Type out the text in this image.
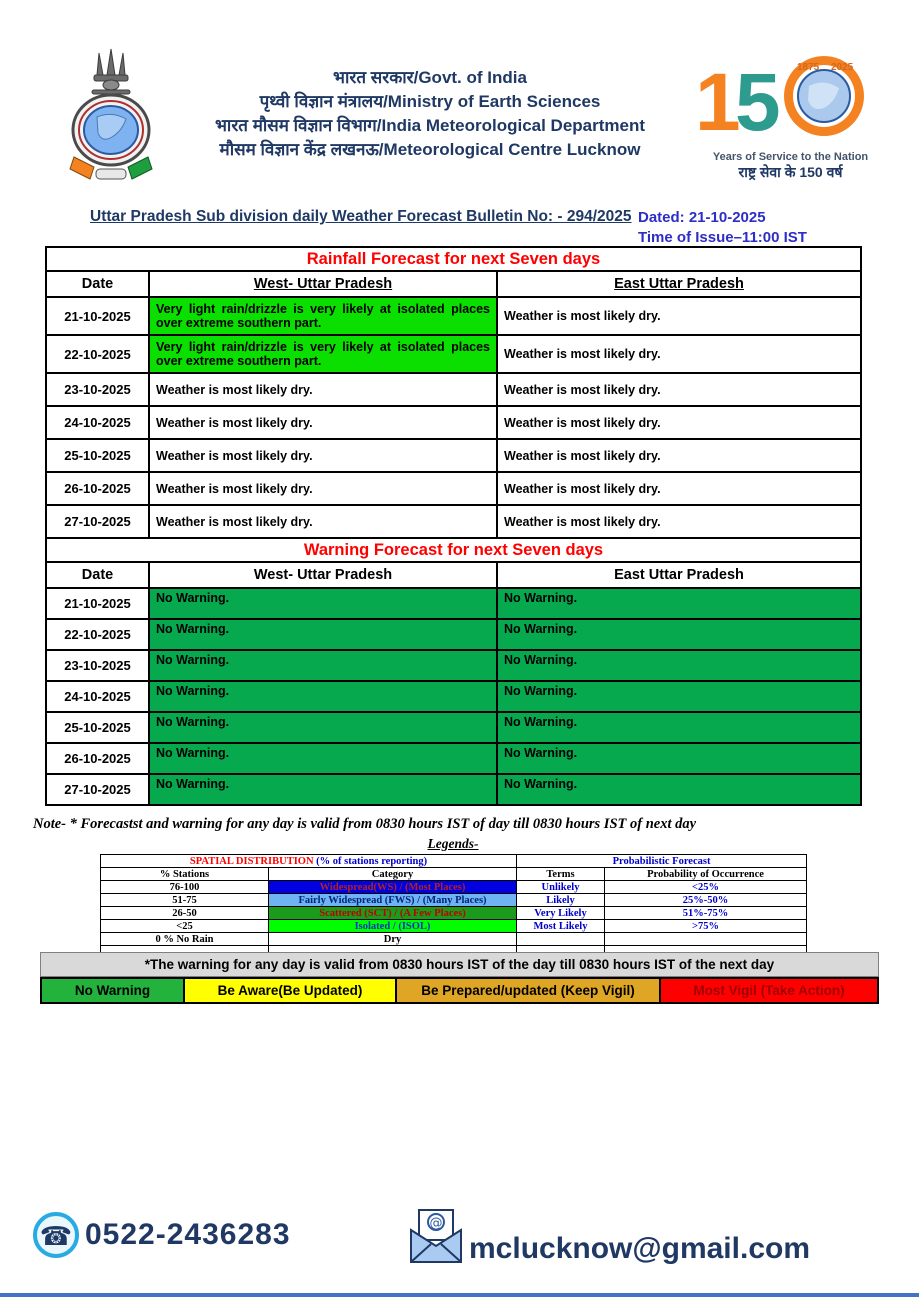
भारत सरकार/Govt. of India
पृथ्वी विज्ञान मंत्रालय/Ministry of Earth Sciences
भारत मौसम विज्ञान विभाग/India Meteorological Department
मौसम विज्ञान केंद्र लखनऊ/Meteorological Centre Lucknow
1
5 1875 2025
Years of Service to the Nation
राष्ट्र सेवा के 150 वर्ष
Uttar Pradesh Sub division daily Weather Forecast Bulletin No: - 294/2025 Dated: 21-10-2025
Time of Issue–11:00 IST
Rainfall Forecast for next Seven days		
Date	West- Uttar Pradesh	East Uttar Pradesh
21-10-2025	Very light rain/drizzle is very likely at isolated places over extreme southern part.	Weather is most likely dry.
22-10-2025	Very light rain/drizzle is very likely at isolated places over extreme southern part.	Weather is most likely dry.
23-10-2025	Weather is most likely dry.	Weather is most likely dry.
24-10-2025	Weather is most likely dry.	Weather is most likely dry.
25-10-2025	Weather is most likely dry.	Weather is most likely dry.
26-10-2025	Weather is most likely dry.	Weather is most likely dry.
27-10-2025	Weather is most likely dry.	Weather is most likely dry.
Warning Forecast for next Seven days		
Date	West- Uttar Pradesh	East Uttar Pradesh
21-10-2025	No Warning.	No Warning.
22-10-2025	No Warning.	No Warning.
23-10-2025	No Warning.	No Warning.
24-10-2025	No Warning.	No Warning.
25-10-2025	No Warning.	No Warning.
26-10-2025	No Warning.	No Warning.
27-10-2025	No Warning.	No Warning.
Note- * Forecastst and warning for any day is valid from 0830 hours IST of day till 0830 hours IST of next day
Legends-
SPATIAL DISTRIBUTION (% of stations reporting)		Probabilistic Forecast	
% Stations	Category	Terms	Probability of Occurrence
76-100	Widespread(WS) / (Most Places)	Unlikely	<25%
51-75	Fairly Widespread (FWS) / (Many Places)	Likely	25%-50%
26-50	Scattered (SCT) / (A Few Places)	Very Likely	51%-75%
<25	Isolated / (ISOL)	Most Likely	>75%
0 % No Rain	Dry		

*The warning for any day is valid from 0830 hours IST of the day till 0830 hours IST of the next day
No Warning	Be Aware(Be Updated)	Be Prepared/updated (Keep Vigil)	Most Vigil (Take Action)
☎ 0522-2436283	@
mclucknow@gmail.com
